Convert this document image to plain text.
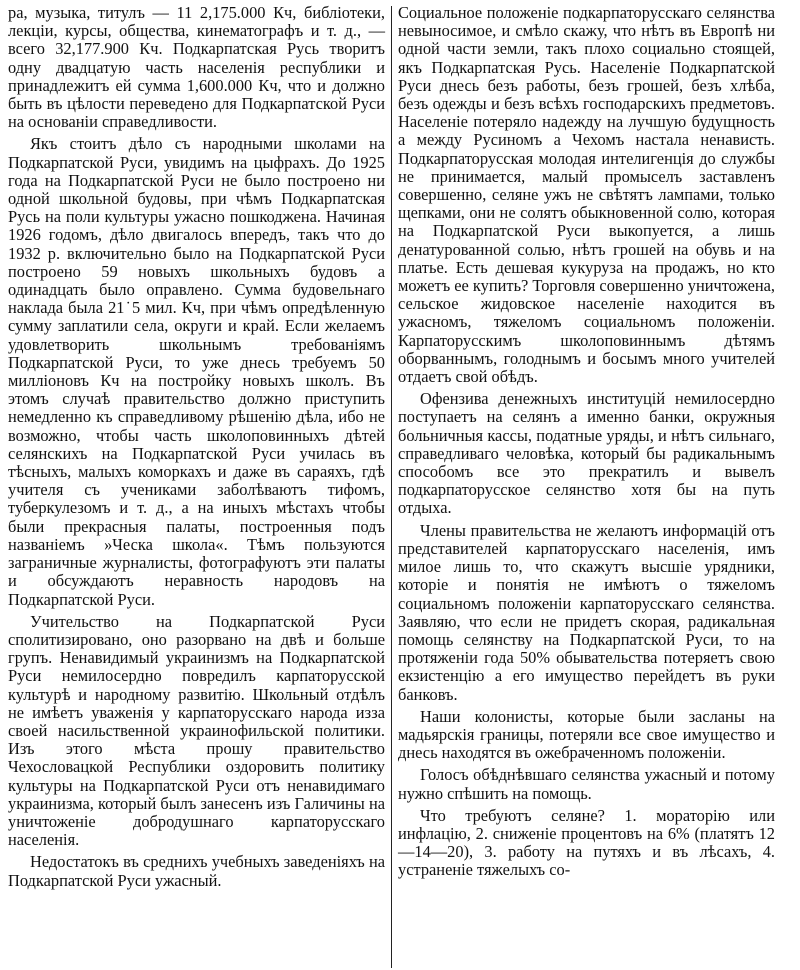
ра, музыка, титулъ — 11 2,175.000 Кч, библіотеки, лекціи, курсы, общества, кинематографъ и т. д., — всего 32,177.900 Кч. Подкарпатская Русь творитъ одну двадцатую часть населенія республики и принадлежитъ ей сумма 1,600.000 Кч, что и должно быть въ цѣлости переведено для Подкарпатской Руси на основаніи справедливости.

Якъ стоитъ дѣло съ народными школами на Подкарпатской Руси, увидимъ на цыфрахъ. До 1925 года на Подкарпатской Руси не было построено ни одной школьной будовы, при чѣмъ Подкарпатская Русь на поли культуры ужасно пошкоджена. Начиная 1926 годомъ, дѣло двигалось впередъ, такъ что до 1932 р. включительно было на Подкарпатской Руси построено 59 новыхъ школьныхъ будовъ а одинадцать было оправлено. Сумма будовельнаго наклада была 21˙5 мил. Кч, при чѣмъ опредѣленную сумму заплатили села, округи и край. Если желаемъ удовлетворить школьнымъ требованіямъ Подкарпатской Руси, то уже днесь требуемъ 50 милліоновъ Кч на постройку новыхъ школъ. Въ этомъ случаѣ правительство должно приступить немедленно къ справедливому рѣшенію дѣла, ибо не возможно, чтобы часть школоповинныхъ дѣтей селянскихъ на Подкарпатской Руси училась въ тѣсныхъ, малыхъ коморкахъ и даже въ сараяхъ, гдѣ учителя съ учениками заболѣваютъ тифомъ, туберкулезомъ и т. д., а на иныхъ мѣстахъ чтобы были прекрасныя палаты, построенныя подъ названіемъ »Ческа школа«. Тѣмъ пользуются заграничные журналисты, фотографуютъ эти палаты и обсуждаютъ неравность народовъ на Подкарпатской Руси.

Учительство на Подкарпатской Руси сполитизировано, оно разорвано на двѣ и больше групъ. Ненавидимый украинизмъ на Подкарпатской Руси немилосердно повредилъ карпаторусской культурѣ и народному развитію. Школьный отдѣлъ не имѣетъ уваженія у карпаторусскаго народа изза своей насильственной украинофильской политики. Изъ этого мѣста прошу правительство Чехословацкой Республики оздоровить политику культуры на Подкарпатской Руси отъ ненавидимаго украинизма, который былъ занесенъ изъ Галичины на уничтоженіе добродушнаго карпаторусскаго населенія.

Недостатокъ въ среднихъ учебныхъ заведеніяхъ на Подкарпатской Руси ужасный.

Социальное положеніе подкарпаторусскаго селянства невыносимое, и смѣло скажу, что нѣтъ въ Европѣ ни одной части земли, такъ плохо социально стоящей, якъ Подкарпатская Русь. Населеніе Подкарпатской Руси днесь безъ работы, безъ грошей, безъ хлѣба, безъ одежды и безъ всѣхъ господарскихъ предметовъ. Населеніе потеряло надежду на лучшую будущность а между Русиномъ а Чехомъ настала ненависть. Подкарпаторусская молодая интелигенція до службы не принимается, малый промыселъ заставленъ совершенно, селяне ужъ не свѣтятъ лампами, только щепками, они не солятъ обыкновенной солю, которая на Подкарпатской Руси выкопуется, а лишь денатурованной солью, нѣтъ грошей на обувь и на платье. Есть дешевая кукуруза на продажъ, но кто можетъ ее купить? Торговля совершенно уничтожена, сельское жидовское населеніе находится въ ужасномъ, тяжеломъ социальномъ положеніи. Карпаторусскимъ школоповиннымъ дѣтямъ оборваннымъ, голоднымъ и босымъ много учителей отдаетъ свой обѣдъ.

Офензива денежныхъ институцiй немилосердно поступаетъ на селянъ а именно банки, окружныя больничныя кассы, податные уряды, и нѣтъ сильнаго, справедливаго человѣка, который бы радикальнымъ способомъ все это прекратилъ и вывелъ подкарпаторусское селянство хотя бы на путь отдыха.

Члены правительства не желаютъ информацій отъ представителей карпаторусскаго населенія, имъ милое лишь то, что скажутъ высшіе урядники, которіе и понятія не имѣютъ о тяжеломъ социальномъ положеніи карпаторусскаго селянства. Заявляю, что если не придетъ скорая, радикальная помощь селянству на Подкарпатской Руси, то на протяженіи года 50% обывательства потеряетъ свою екзистенцію а его имущество перейдетъ въ руки банковъ.

Наши колонисты, которые были засланы на мадьярскія границы, потеряли все свое имущество и днесь находятся въ ожебраченномъ положеніи.

Голосъ обѣднѣвшаго селянства ужасный и потому нужно спѣшить на помощь.

Что требуютъ селяне? 1. мораторію или инфлацію, 2. сниженіе процентовъ на 6% (платятъ 12—14—20), 3. работу на путяхъ и въ лѣсахъ, 4. устраненіе тяжелыхъ со-
